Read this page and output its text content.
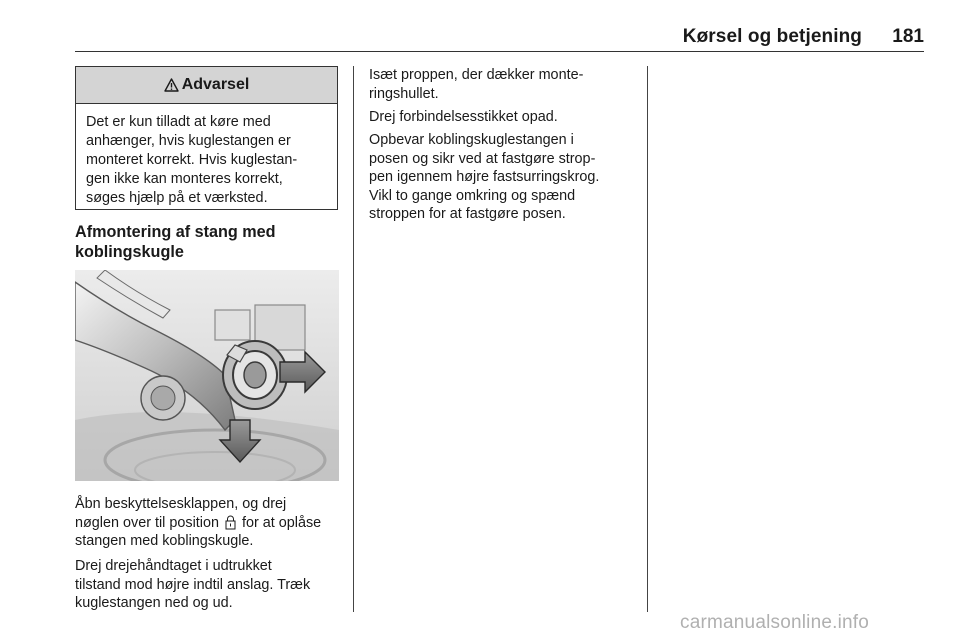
Kørsel og betjening 181
Advarsel
Det er kun tilladt at køre med
anhænger, hvis kuglestangen er
monteret korrekt. Hvis kuglestan-
gen ikke kan monteres korrekt,
søges hjælp på et værksted.
Afmontering af stang med
koblingskugle
Åbn beskyttelsesklappen, og drej
nøglen over til position for at oplåse
stangen med koblingskugle.
Drej drejehåndtaget i udtrukket
tilstand mod højre indtil anslag. Træk
kuglestangen ned og ud.
Isæt proppen, der dækker monte-
ringshullet.
Drej forbindelsesstikket opad.
Opbevar koblingskuglestangen i
posen og sikr ved at fastgøre strop-
pen igennem højre fastsurringskrog.
Vikl to gange omkring og spænd
stroppen for at fastgøre posen.
carmanualsonline.info
